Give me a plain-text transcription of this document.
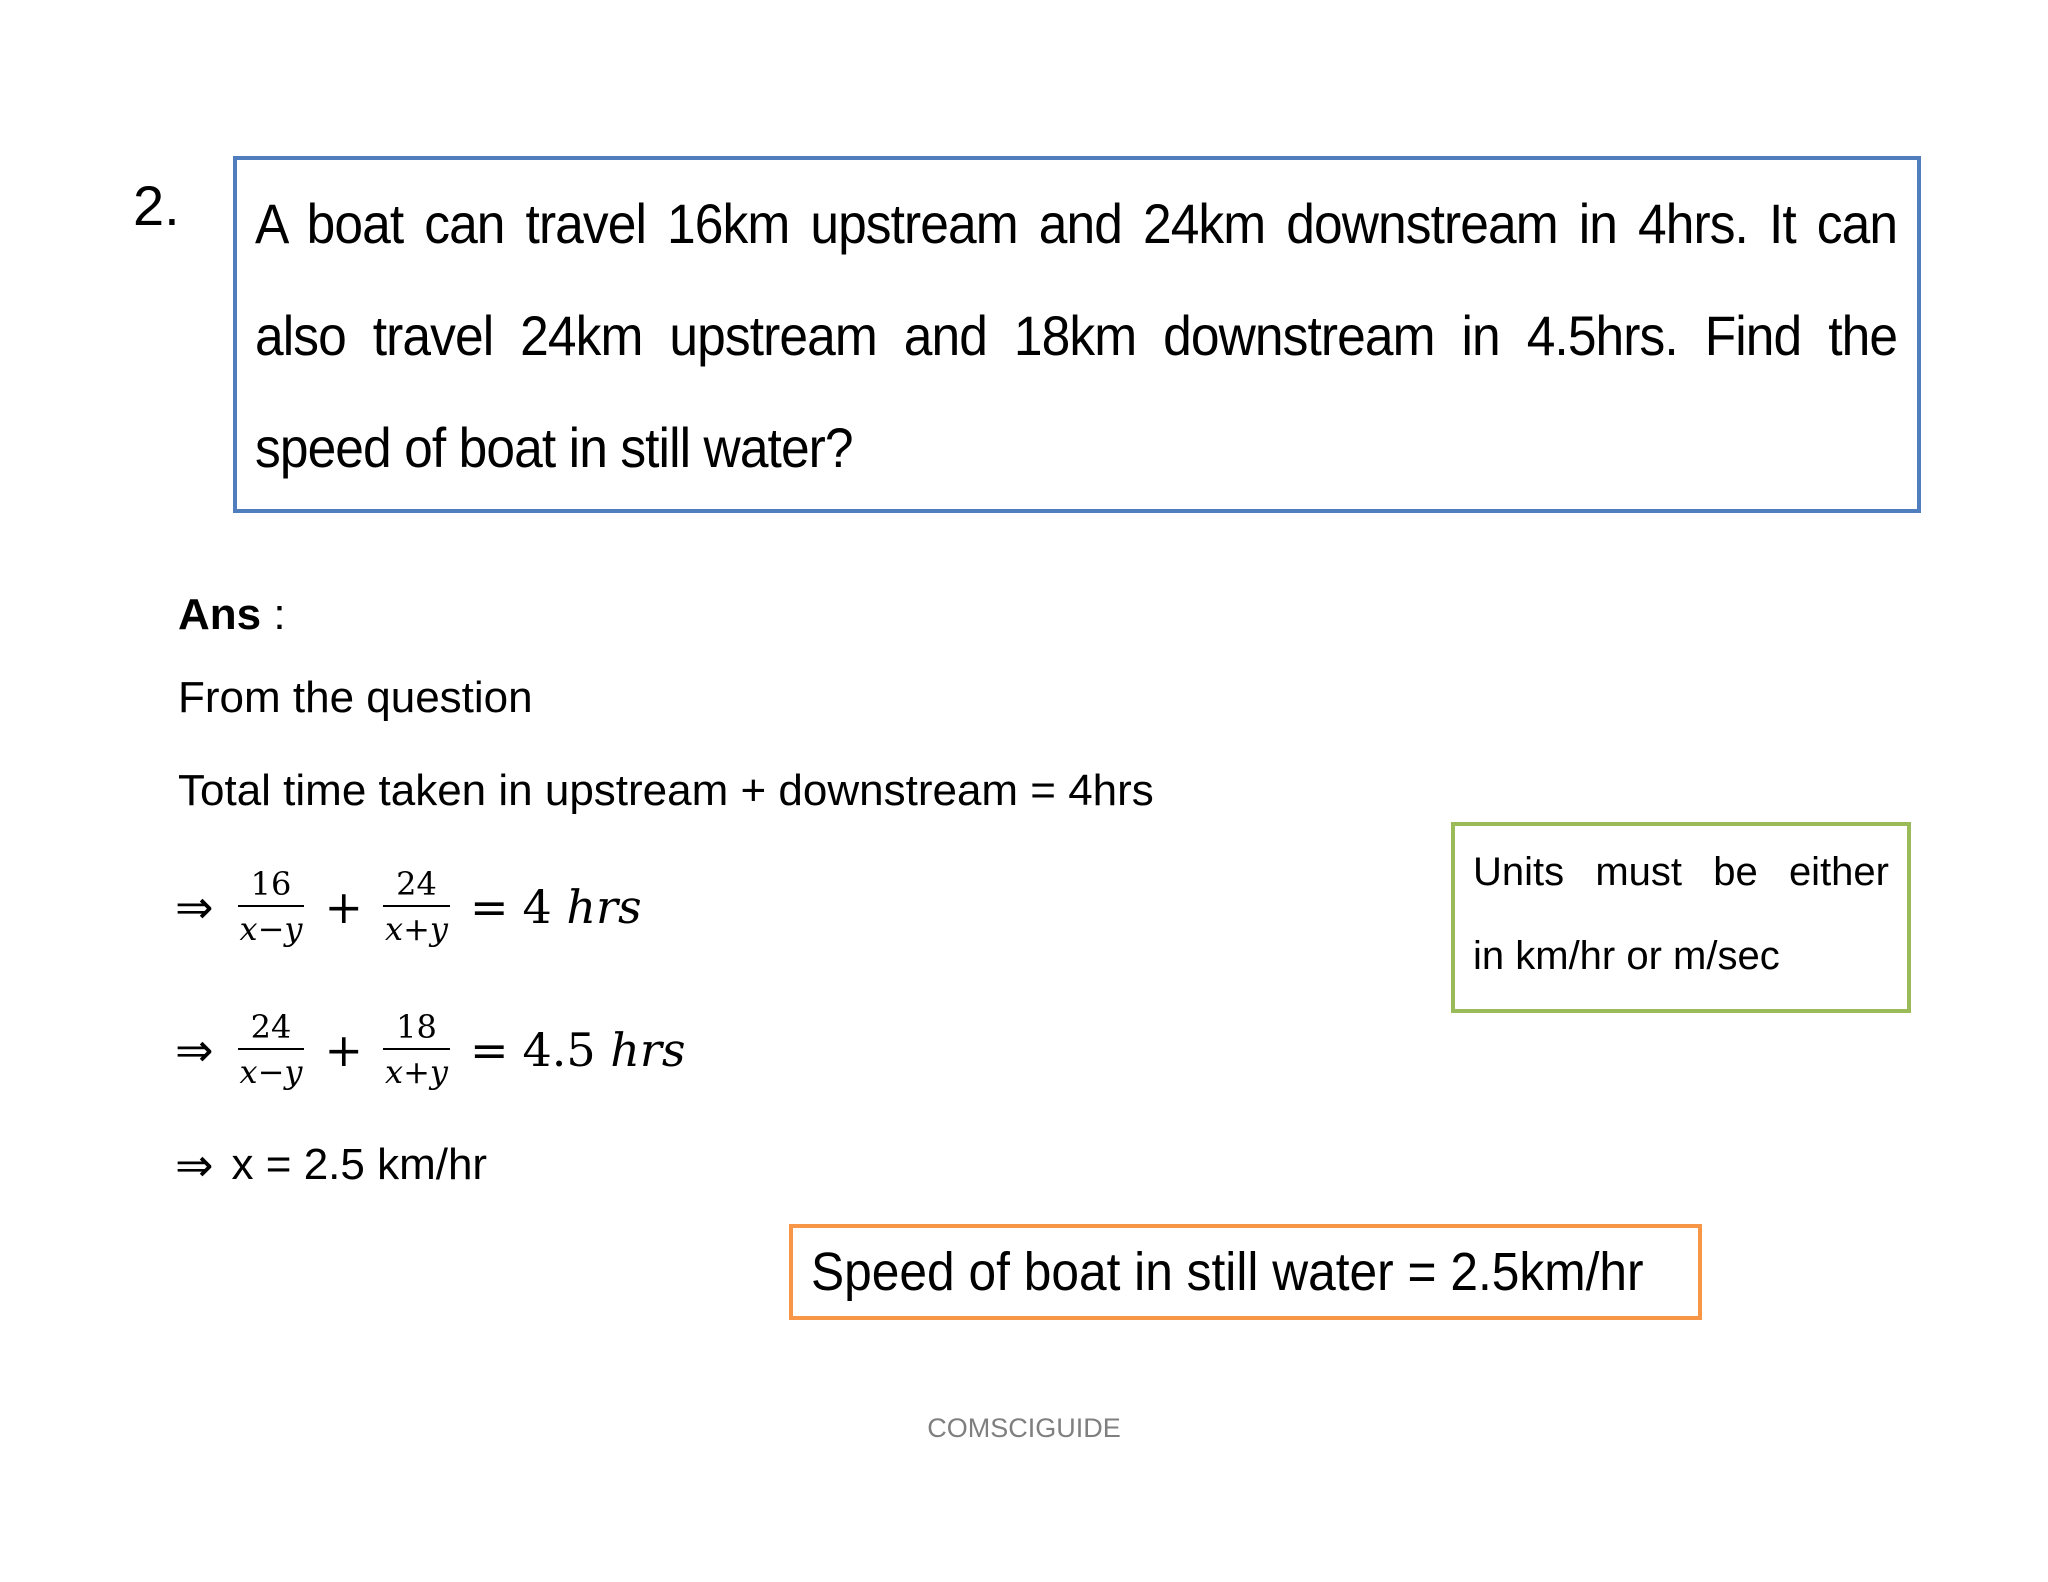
2. A boat can travel 16km upstream and 24km downstream in 4hrs. It can also travel 24km upstream and 18km downstream in 4.5hrs. Find the speed of boat in still water?
Ans :
From the question
Total time taken in upstream + downstream = 4hrs
⇒ $\frac{16}{x-y} + \frac{24}{x+y} = 4$ hrs
⇒ $\frac{24}{x-y} + \frac{18}{x+y} = 4.5$ hrs
⇒ x = 2.5 km/hr
Units must be either
in km/hr or m/sec
Speed of boat in still water = 2.5km/hr
COMSCIGUIDE
